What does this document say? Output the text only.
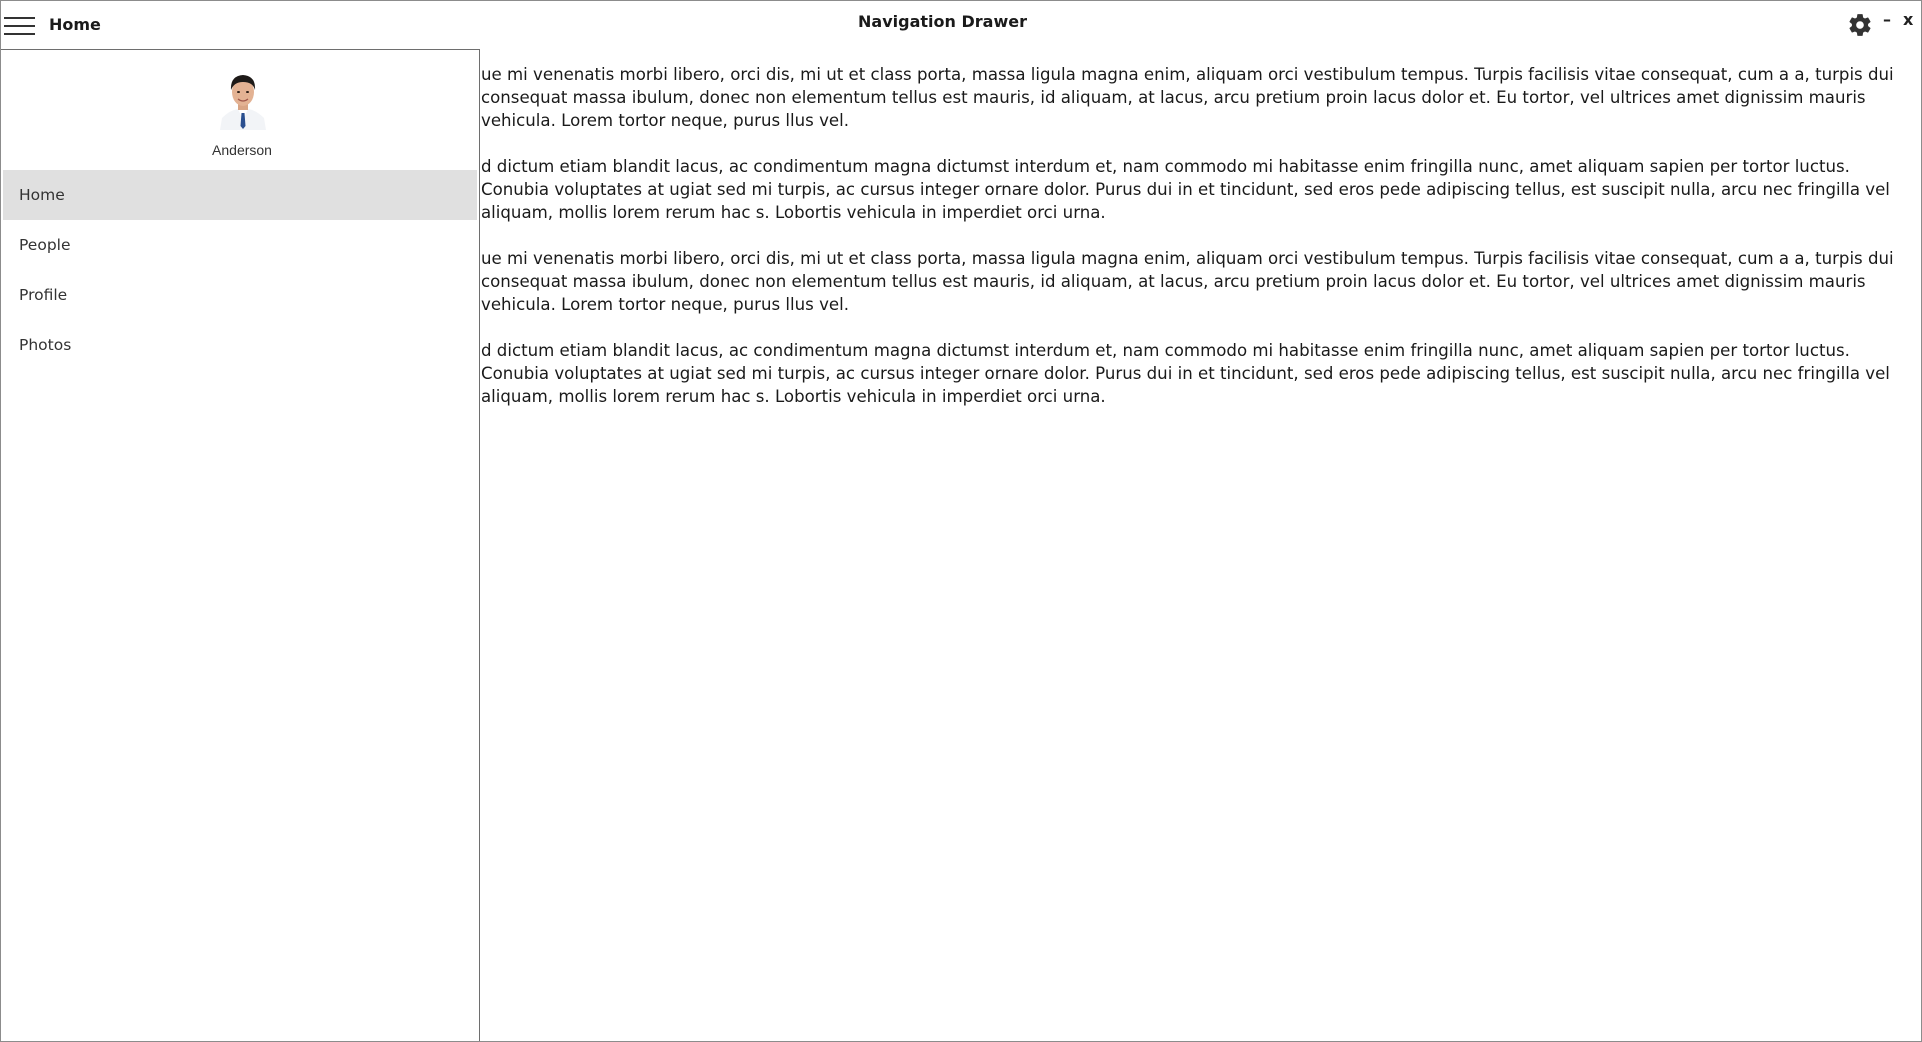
Home	Navigation Drawer	– x

ue mi venenatis morbi libero, orci dis, mi ut et class porta, massa ligula magna enim, aliquam orci vestibulum tempus. Turpis facilisis vitae consequat, cum a a, turpis dui consequat massa ibulum, donec non elementum tellus est mauris, id aliquam, at lacus, arcu pretium proin lacus dolor et. Eu tortor, vel ultrices amet dignissim mauris vehicula. Lorem tortor neque, purus llus vel.

d dictum etiam blandit lacus, ac condimentum magna dictumst interdum et, nam commodo mi habitasse enim fringilla nunc, amet aliquam sapien per tortor luctus. Conubia voluptates at ugiat sed mi turpis, ac cursus integer ornare dolor. Purus dui in et tincidunt, sed eros pede adipiscing tellus, est suscipit nulla, arcu nec fringilla vel aliquam, mollis lorem rerum hac s. Lobortis vehicula in imperdiet orci urna.

ue mi venenatis morbi libero, orci dis, mi ut et class porta, massa ligula magna enim, aliquam orci vestibulum tempus. Turpis facilisis vitae consequat, cum a a, turpis dui consequat massa ibulum, donec non elementum tellus est mauris, id aliquam, at lacus, arcu pretium proin lacus dolor et. Eu tortor, vel ultrices amet dignissim mauris vehicula. Lorem tortor neque, purus llus vel.

d dictum etiam blandit lacus, ac condimentum magna dictumst interdum et, nam commodo mi habitasse enim fringilla nunc, amet aliquam sapien per tortor luctus. Conubia voluptates at ugiat sed mi turpis, ac cursus integer ornare dolor. Purus dui in et tincidunt, sed eros pede adipiscing tellus, est suscipit nulla, arcu nec fringilla vel aliquam, mollis lorem rerum hac s. Lobortis vehicula in imperdiet orci urna.

Anderson
Home
People
Profile
Photos
